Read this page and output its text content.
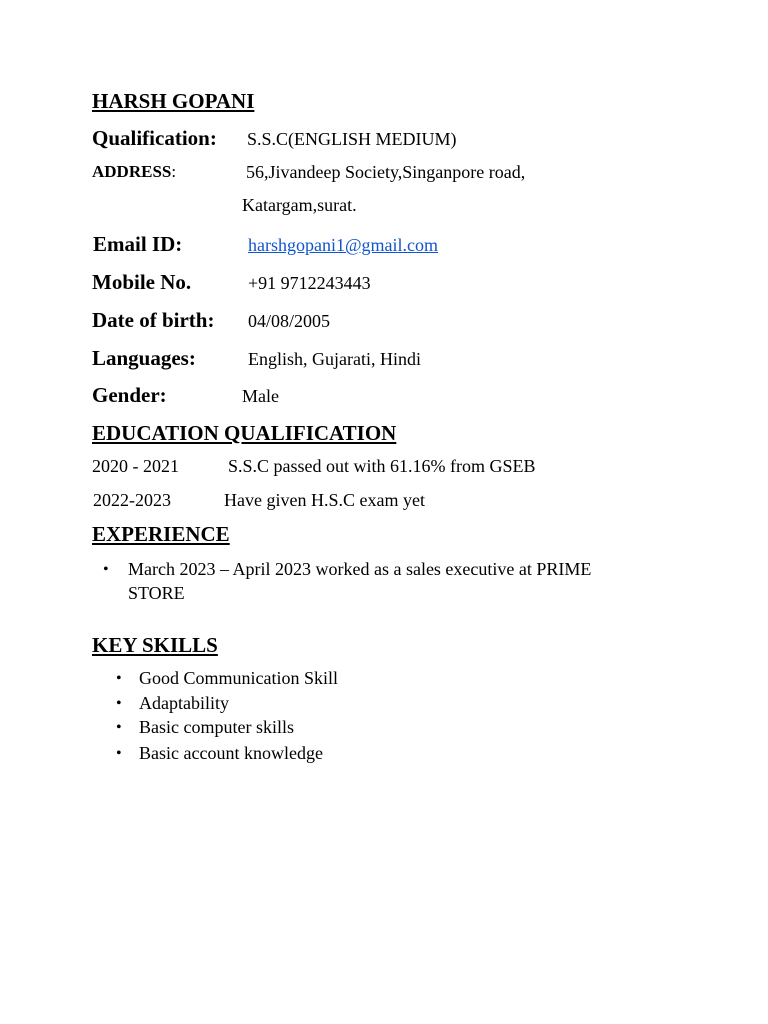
HARSH GOPANI
Qualification: S.S.C(ENGLISH MEDIUM)
ADDRESS:	56,Jivandeep Society,Singanpore road,
Katargam,surat.
Email ID:	harshgopani1@gmail.com
Mobile No.	+91 9712243443
Date of birth: 04/08/2005
Languages:	English, Gujarati, Hindi
Gender:	Male
EDUCATION QUALIFICATION
2020 - 2021	S.S.C passed out with 61.16% from GSEB
2022-2023	Have given H.S.C exam yet
EXPERIENCE
• March 2023 – April 2023 worked as a sales executive at PRIME
STORE
KEY SKILLS
• Good Communication Skill
• Adaptability
• Basic computer skills
• Basic account knowledge
